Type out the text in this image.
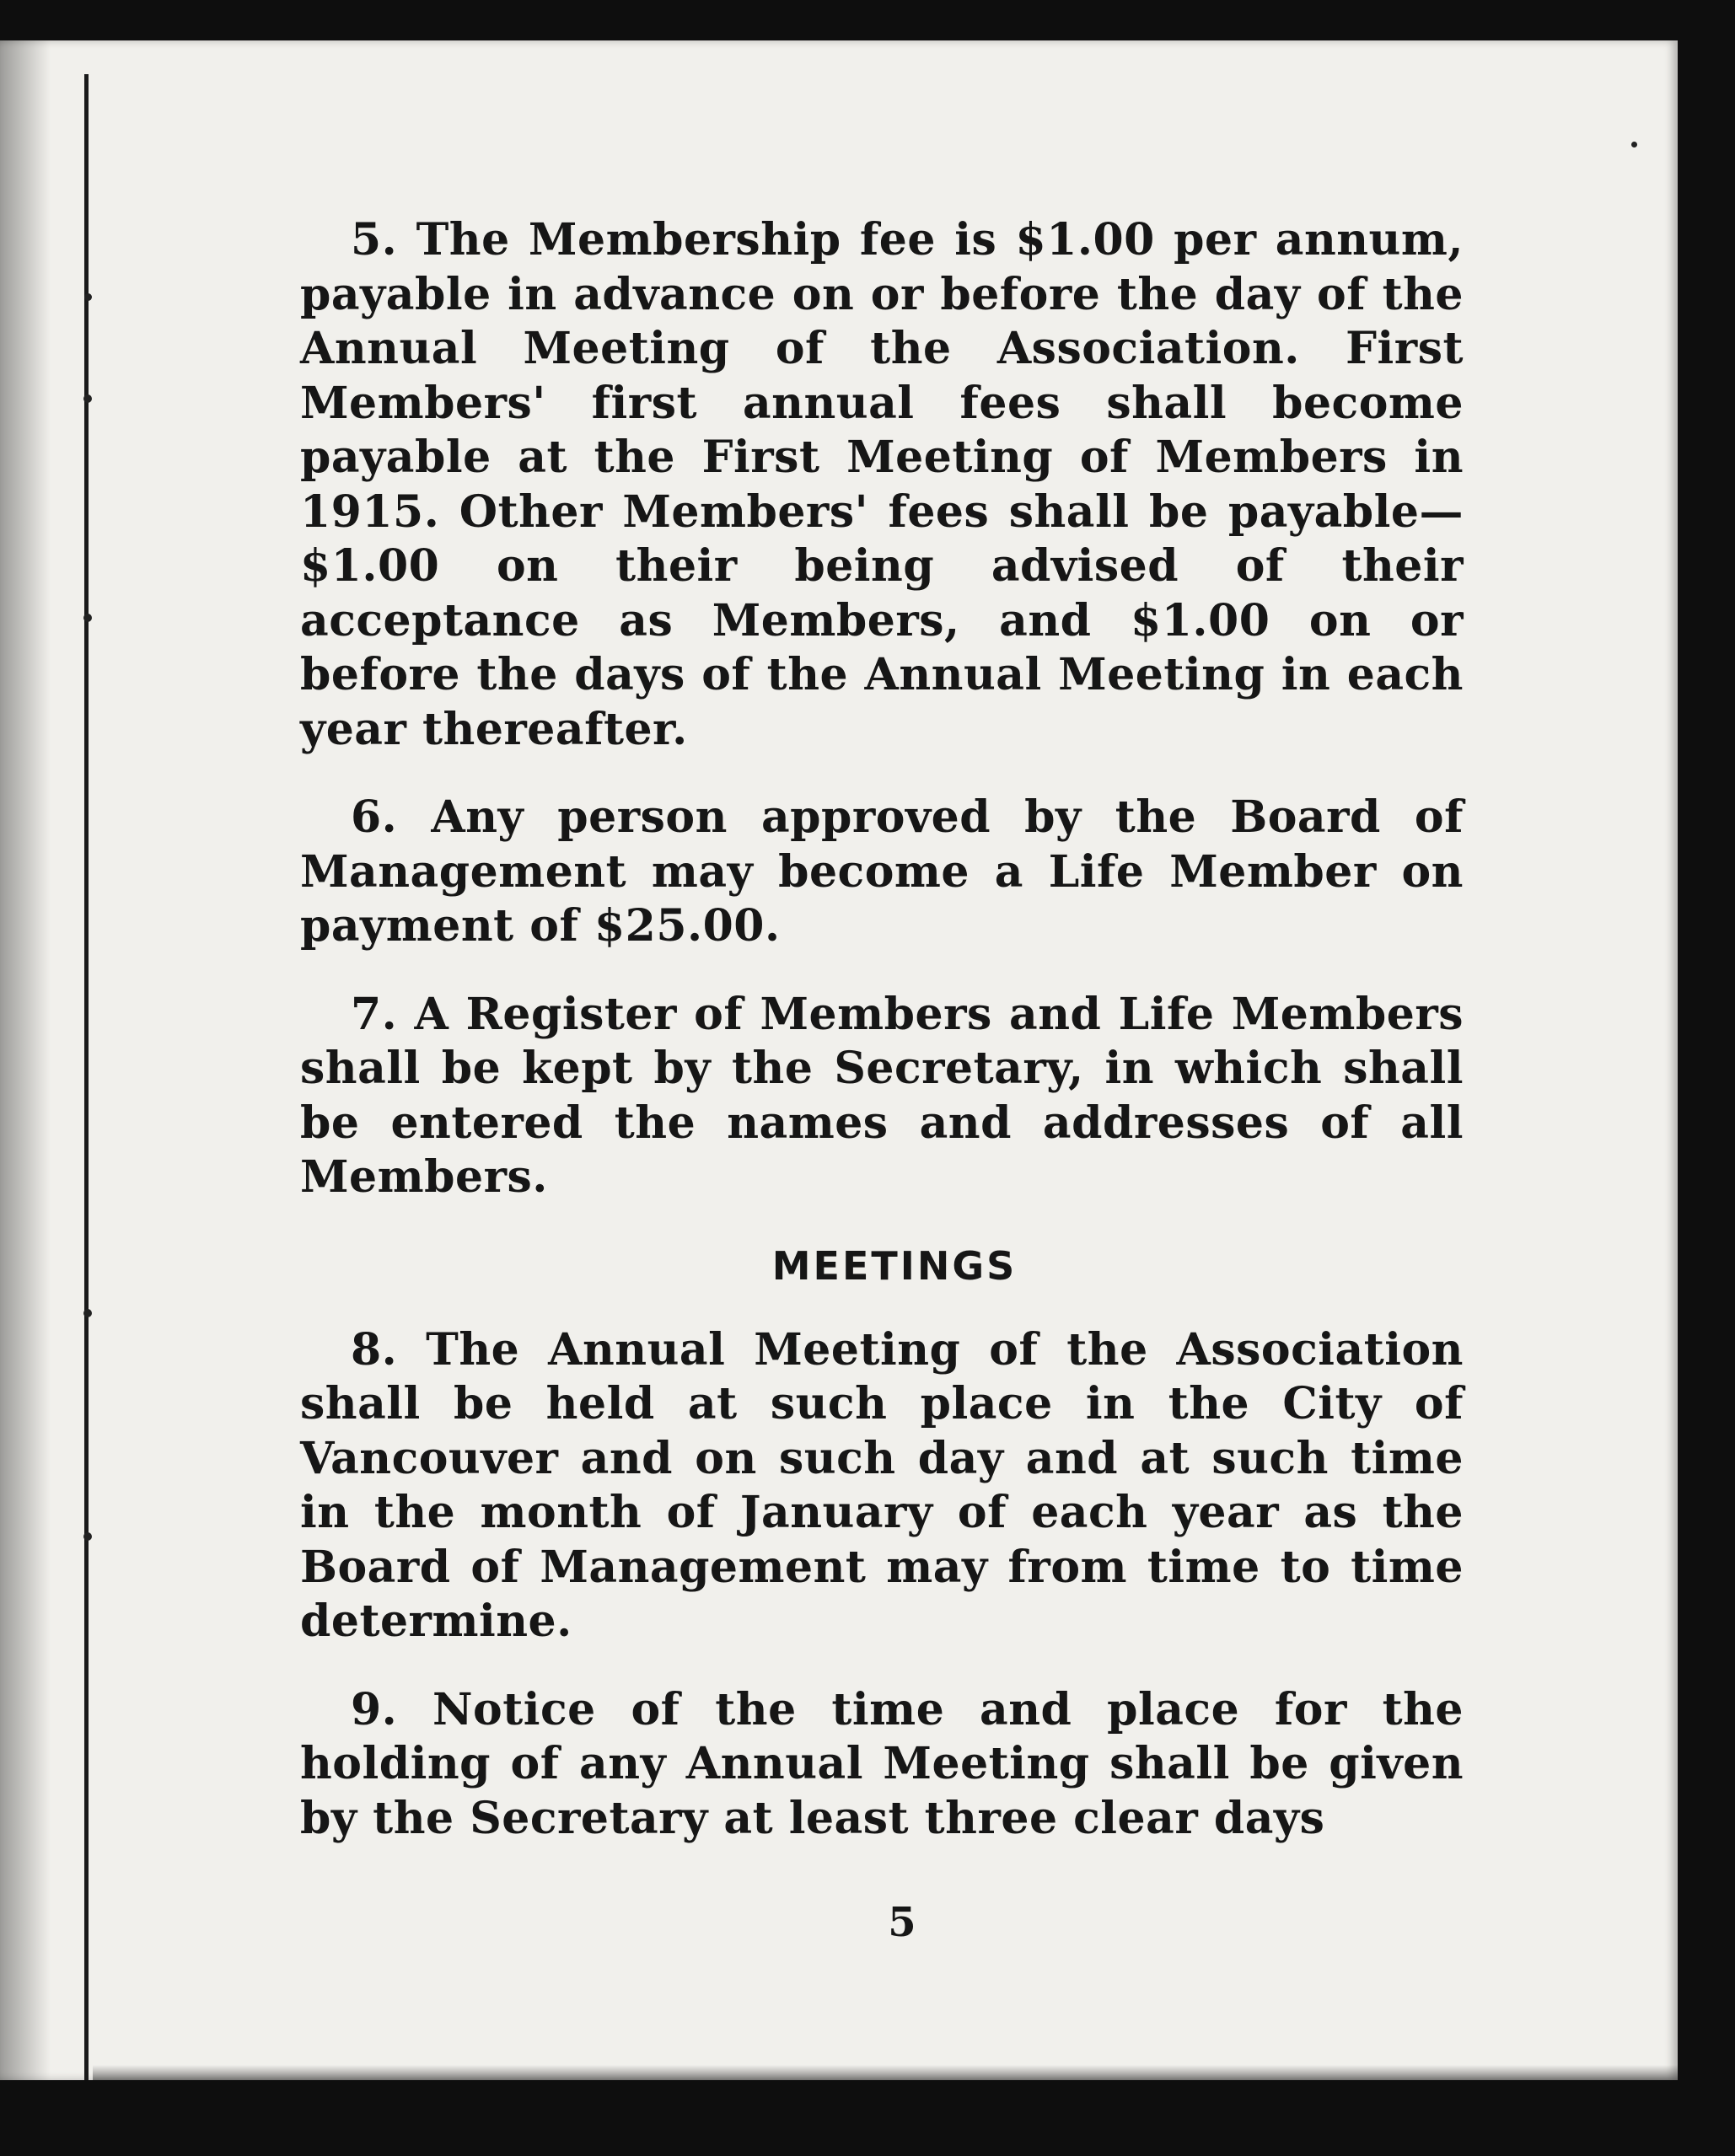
5. The Membership fee is $1.00 per annum, payable in advance on or before the day of the Annual Meeting of the Association. First Members' first annual fees shall become payable at the First Meeting of Members in 1915. Other Members' fees shall be payable—$1.00 on their being advised of their acceptance as Members, and $1.00 on or before the days of the Annual Meeting in each year thereafter.

6. Any person approved by the Board of Management may become a Life Member on payment of $25.00.

7. A Register of Members and Life Members shall be kept by the Secretary, in which shall be entered the names and addresses of all Members.

MEETINGS

8. The Annual Meeting of the Association shall be held at such place in the City of Vancouver and on such day and at such time in the month of January of each year as the Board of Management may from time to time determine.

9. Notice of the time and place for the holding of any Annual Meeting shall be given by the Secretary at least three clear days

5
